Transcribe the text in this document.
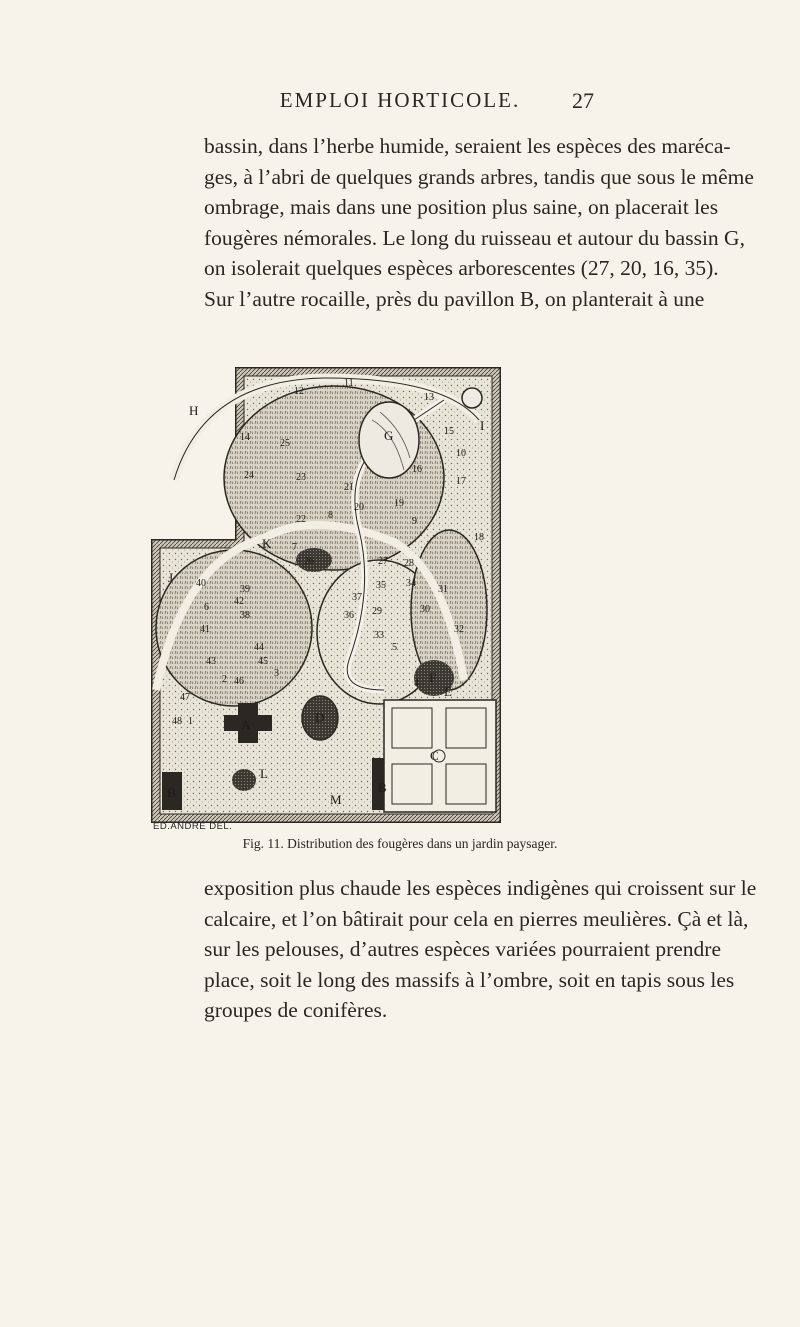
EMPLOI HORTICOLE.	27
bassin, dans l’herbe humide, seraient les espèces des maréca-
ges, à l’abri de quelques grands arbres, tandis que sous le même
ombrage, mais dans une position plus saine, on placerait les
fougères némorales. Le long du ruisseau et autour du bassin G,
on isolerait quelques espèces arborescentes (27, 20, 16, 35).
Sur l’autre rocaille, près du pavillon B, on planterait à une
H
G
I
K
J
A
B	B
D
F
C
E
L
M
11
12
13
14
10
15
16
17
18
19
20
21
22
23
24
25
26	27 28
29	30
31
32
33
34
35
36
37
38
39
40
41
42
43
44
45
46
47
48 1
2
3
4
5
6
7
8
9
ED.ANDRÉ DEL.
Fig. 11. Distribution des fougères dans un jardin paysager.
exposition plus chaude les espèces indigènes qui croissent sur le
calcaire, et l’on bâtirait pour cela en pierres meulières. Çà et là,
sur les pelouses, d’autres espèces variées pourraient prendre
place, soit le long des massifs à l’ombre, soit en tapis sous les
groupes de conifères.
